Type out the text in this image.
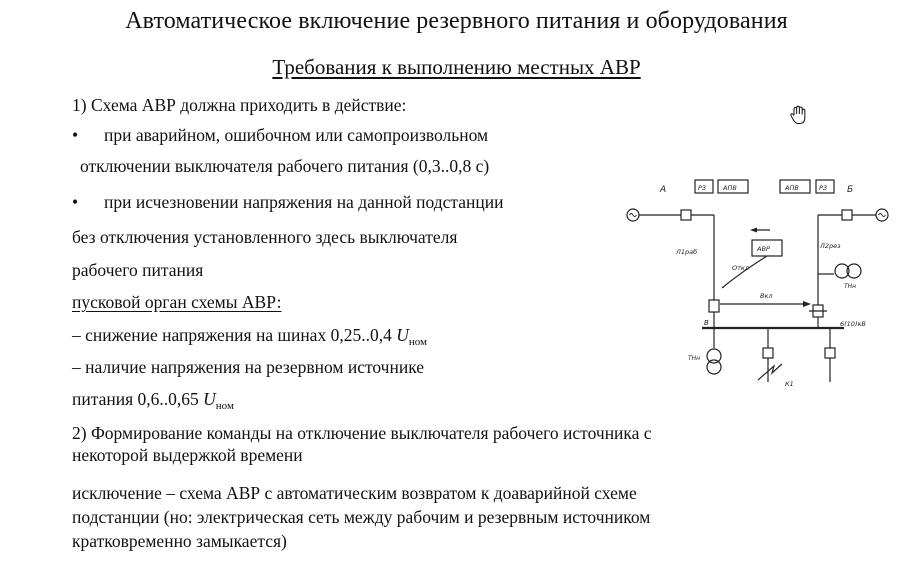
Автоматическое включение резервного питания и оборудования
Требования к выполнению местных АВР
1) Схема АВР должна приходить в действие:
• при аварийном, ошибочном или самопроизвольном
отключении выключателя рабочего питания (0,3..0,8 с)
• при исчезновении напряжения на данной подстанции
без отключения установленного здесь выключателя
рабочего питания
пусковой орган схемы АВР:
– снижение напряжения на шинах 0,25..0,4 $U_{ном}$
– наличие напряжения на резервном источнике
питания 0,6..0,65 $U_{ном}$
2) Формирование команды на отключение выключателя рабочего источника с
некоторой выдержкой времени
исключение – схема АВР с автоматическим возвратом к доаварийной схеме
подстанции (но: электрическая сеть между рабочим и резервным источником
кратковременно замыкается)
А	Б
РЗ	АПВ	АПВ	РЗ
Л1раб
Л2рез
АВР
Откл
Вкл
В	6(10)кВ
ТНн
ТНн
К1
